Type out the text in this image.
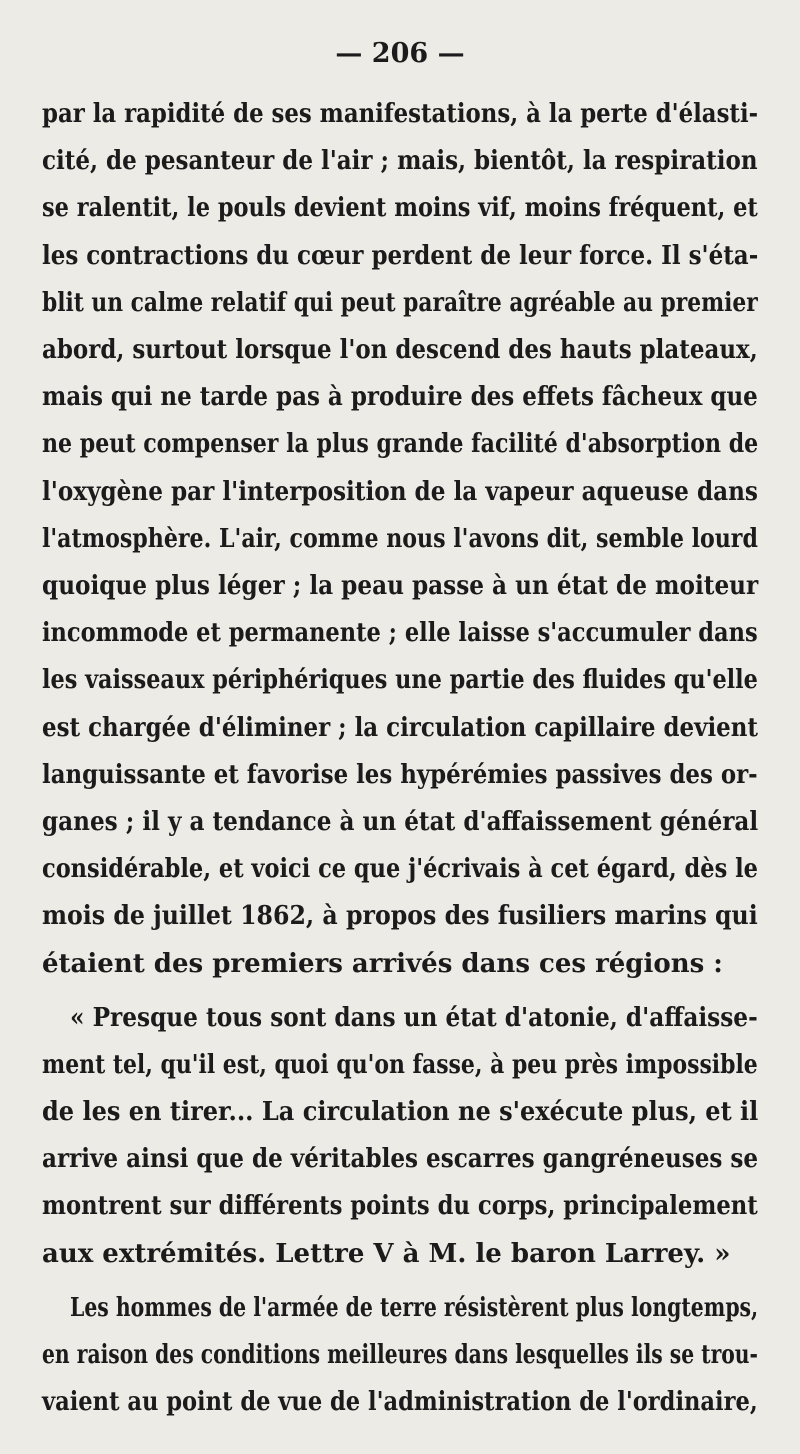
— 206 —
par la rapidité de ses manifestations, à la perte d'élasti-
cité, de pesanteur de l'air ; mais, bientôt, la respiration
se ralentit, le pouls devient moins vif, moins fréquent, et
les contractions du cœur perdent de leur force. Il s'éta-
blit un calme relatif qui peut paraître agréable au premier
abord, surtout lorsque l'on descend des hauts plateaux,
mais qui ne tarde pas à produire des effets fâcheux que
ne peut compenser la plus grande facilité d'absorption de
l'oxygène par l'interposition de la vapeur aqueuse dans
l'atmosphère. L'air, comme nous l'avons dit, semble lourd
quoique plus léger ; la peau passe à un état de moiteur
incommode et permanente ; elle laisse s'accumuler dans
les vaisseaux périphériques une partie des fluides qu'elle
est chargée d'éliminer ; la circulation capillaire devient
languissante et favorise les hypérémies passives des or-
ganes ; il y a tendance à un état d'affaissement général
considérable, et voici ce que j'écrivais à cet égard, dès le
mois de juillet 1862, à propos des fusiliers marins qui
étaient des premiers arrivés dans ces régions :
« Presque tous sont dans un état d'atonie, d'affaisse-
ment tel, qu'il est, quoi qu'on fasse, à peu près impossible
de les en tirer... La circulation ne s'exécute plus, et il
arrive ainsi que de véritables escarres gangréneuses se
montrent sur différents points du corps, principalement
aux extrémités. Lettre V à M. le baron Larrey. »
Les hommes de l'armée de terre résistèrent plus longtemps,
en raison des conditions meilleures dans lesquelles ils se trou-
vaient au point de vue de l'administration de l'ordinaire,
